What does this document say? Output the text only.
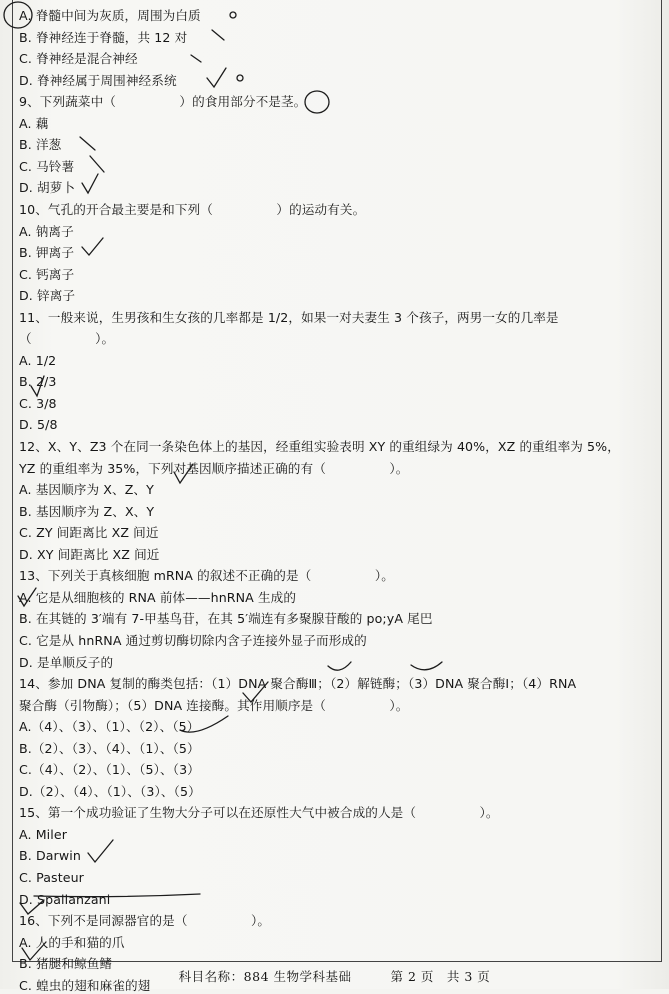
A. 脊髓中间为灰质，周围为白质
B. 脊神经连于脊髓，共 12 对
C. 脊神经是混合神经
D. 脊神经属于周围神经系统
9、下列蔬菜中（　　　　　）的食用部分不是茎。
A. 藕
B. 洋葱
C. 马铃薯
D. 胡萝卜
10、气孔的开合最主要是和下列（　　　　　）的运动有关。
A. 钠离子
B. 钾离子
C. 钙离子
D. 锌离子
11、一般来说，生男孩和生女孩的几率都是 1/2，如果一对夫妻生 3 个孩子，两男一女的几率是
（　　　　　）。
A. 1/2
B. 2/3
C. 3/8
D. 5/8
12、X、Y、Z3 个在同一条染色体上的基因，经重组实验表明 XY 的重组绿为 40%，XZ 的重组率为 5%，
YZ 的重组率为 35%，下列对基因顺序描述正确的有（　　　　　）。
A. 基因顺序为 X、Z、Y
B. 基因顺序为 Z、X、Y
C. ZY 间距离比 XZ 间近
D. XY 间距离比 XZ 间近
13、下列关于真核细胞 mRNA 的叙述不正确的是（　　　　　）。
A. 它是从细胞核的 RNA 前体——hnRNA 生成的
B. 在其链的 3′端有 7-甲基鸟苷，在其 5′端连有多聚腺苷酸的 po;yA 尾巴
C. 它是从 hnRNA 通过剪切酶切除内含子连接外显子而形成的
D. 是单顺反子的
14、参加 DNA 复制的酶类包括：（1）DNA 聚合酶Ⅲ；（2）解链酶；（3）DNA 聚合酶Ⅰ；（4）RNA
聚合酶（引物酶）；（5）DNA 连接酶。其作用顺序是（　　　　　）。
A.（4）、（3）、（1）、（2）、（5）
B.（2）、（3）、（4）、（1）、（5）
C.（4）、（2）、（1）、（5）、（3）
D.（2）、（4）、（1）、（3）、（5）
15、第一个成功验证了生物大分子可以在还原性大气中被合成的人是（　　　　　）。
A. Miler
B. Darwin
C. Pasteur
D. Spallanzani
16、下列不是同源器官的是（　　　　　）。
A. 人的手和猫的爪
B. 猪腿和鲸鱼鳍
C. 蝗虫的翅和麻雀的翅
科目名称：884 生物学科基础　　　第 2 页　共 3 页
